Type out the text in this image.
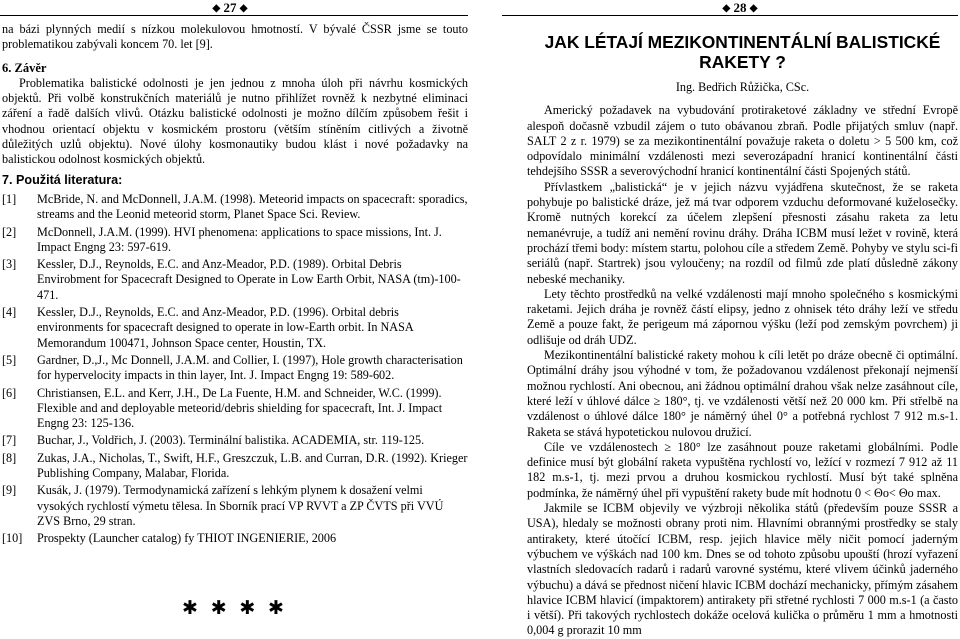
◆ 27 ◆

na bázi plynných medií s nízkou molekulovou hmotností. V bývalé ČSSR jsme se touto problematikou zabývali koncem 70. let [9].

6. Závěr

Problematika balistické odolnosti je jen jednou z mnoha úloh při návrhu kosmických objektů. Při volbě konstrukčních materiálů je nutno přihlížet rovněž k nezbytné eliminaci záření a řadě dalších vlivů. Otázku balistické odolnosti je možno dílčím způsobem řešit i vhodnou orientací objektu v kosmickém prostoru (větším stíněním citlivých a životně důležitých uzlů objektu). Nové úlohy kosmonautiky budou klást i nové požadavky na balistickou odolnost kosmických objektů.

7. Použitá literatura:

[1]	McBride, N. and McDonnell, J.A.M. (1998). Meteorid impacts on spacecraft: sporadics, streams and the Leonid meteorid storm, Planet Space Sci. Review.
[2]	McDonnell, J.A.M. (1999). HVI phenomena: applications to space missions, Int. J. Impact Engng 23: 597-619.
[3]	Kessler, D.J., Reynolds, E.C. and Anz-Meador, P.D. (1989). Orbital Debris Envirobment for Spacecraft Designed to Operate in Low Earth Orbit, NASA (tm)-100-471.
[4]	Kessler, D.J., Reynolds, E.C. and Anz-Meador, P.D. (1996). Orbital debris environments for spacecraft designed to operate in low-Earth orbit. In NASA Memorandum 100471, Johnson Space center, Houstin, TX.
[5]	Gardner, D.,J., Mc Donnell, J.A.M. and Collier, I. (1997), Hole growth characterisation for hypervelocity impacts in thin layer, Int. J. Impact Engng 19: 589-602.
[6]	Christiansen, E.L. and Kerr, J.H., De La Fuente, H.M. and Schneider, W.C. (1999). Flexible and and deployable meteorid/debris shielding for spacecraft, Int. J. Impact Engng 23: 125-136.
[7]	Buchar, J., Voldřich, J. (2003). Terminální balistika. ACADEMIA, str. 119-125.
[8]	Zukas, J.A., Nicholas, T., Swift, H.F., Greszczuk, L.B. and Curran, D.R. (1992). Krieger Publishing Company, Malabar, Florida.
[9]	Kusák, J. (1979). Termodynamická zařízení s lehkým plynem k dosažení velmi vysokých rychlostí výmetu tělesa. In Sborník prací VP RVVT a ZP ČVTS při VVÚ ZVS Brno, 29 stran.
[10]	Prospekty (Launcher catalog) fy THIOT INGENIERIE, 2006
◆ 28 ◆
JAK LÉTAJÍ MEZIKONTINENTÁLNÍ BALISTICKÉ RAKETY ?
Ing. Bedřich Růžička, CSc.

Americký požadavek na vybudování protiraketové základny ve střední Evropě alespoň dočasně vzbudil zájem o tuto obávanou zbraň. Podle přijatých smluv (např. SALT 2 z r. 1979) se za mezikontinentální považuje raketa o doletu > 5 500 km, což odpovídalo minimální vzdálenosti mezi severozápadní hranicí kontinentální části tehdejšího SSSR a severovýchodní hranicí kontinentální části Spojených států.

Přívlastkem „balistická“ je v jejich názvu vyjádřena skutečnost, že se raketa pohybuje po balistické dráze, jež má tvar odporem vzduchu deformované kuželosečky. Kromě nutných korekcí za účelem zlepšení přesnosti zásahu raketa za letu nemanévruje, a tudíž ani nemění rovinu dráhy. Dráha ICBM musí ležet v rovině, která prochází třemi body: místem startu, polohou cíle a středem Země. Pohyby ve stylu sci-fi seriálů (např. Startrek) jsou vyloučeny; na rozdíl od filmů zde platí důsledně zákony nebeské mechaniky.

Lety těchto prostředků na velké vzdálenosti mají mnoho společného s kosmickými raketami. Jejich dráha je rovněž částí elipsy, jedno z ohnisek této dráhy leží ve středu Země a pouze fakt, že perigeum má zápornou výšku (leží pod zemským povrchem) ji odlišuje od dráh UDZ.

Mezikontinentální balistické rakety mohou k cíli letět po dráze obecně či optimální. Optimální dráhy jsou výhodné v tom, že požadovanou vzdálenost překonají nejmenší možnou rychlostí. Ani obecnou, ani žádnou optimální drahou však nelze zasáhnout cíle, které leží v úhlové dálce ≥ 180°, tj. ve vzdálenosti větší než 20 000 km. Při střelbě na vzdálenost o úhlové dálce 180° je náměrný úhel 0° a potřebná rychlost 7 912 m.s-1. Raketa se stává hypotetickou nulovou družicí.

Cíle ve vzdálenostech ≥ 180° lze zasáhnout pouze raketami globálními. Podle definice musí být globální raketa vypuštěna rychlostí vo, ležící v rozmezí 7 912 až 11 182 m.s-1, tj. mezi prvou a druhou kosmickou rychlostí. Musí být také splněna podmínka, že náměrný úhel při vypuštění rakety bude mít hodnotu 0 < Θo< Θo max.

Jakmile se ICBM objevily ve výzbroji několika států (především pouze SSSR a USA), hledaly se možnosti obrany proti nim. Hlavními obrannými prostředky se staly antirakety, které útočící ICBM, resp. jejich hlavice měly ničit pomocí jaderným výbuchem ve výškách nad 100 km. Dnes se od tohoto způsobu upouští (hrozí vyřazení vlastních sledovacích radarů i radarů varovné systému, které vlivem účinků jaderného výbuchu) a dává se přednost ničení hlavic ICBM dochází mechanicky, přímým zásahem hlavice ICBM hlavicí (impaktorem) antirakety při střetné rychlosti 7 000 m.s-1 (a často i větší). Při takových rychlostech dokáže ocelová kulička o průměru 1 mm a hmotnosti 0,004 g prorazit 10 mm

✱ ✱ ✱ ✱
